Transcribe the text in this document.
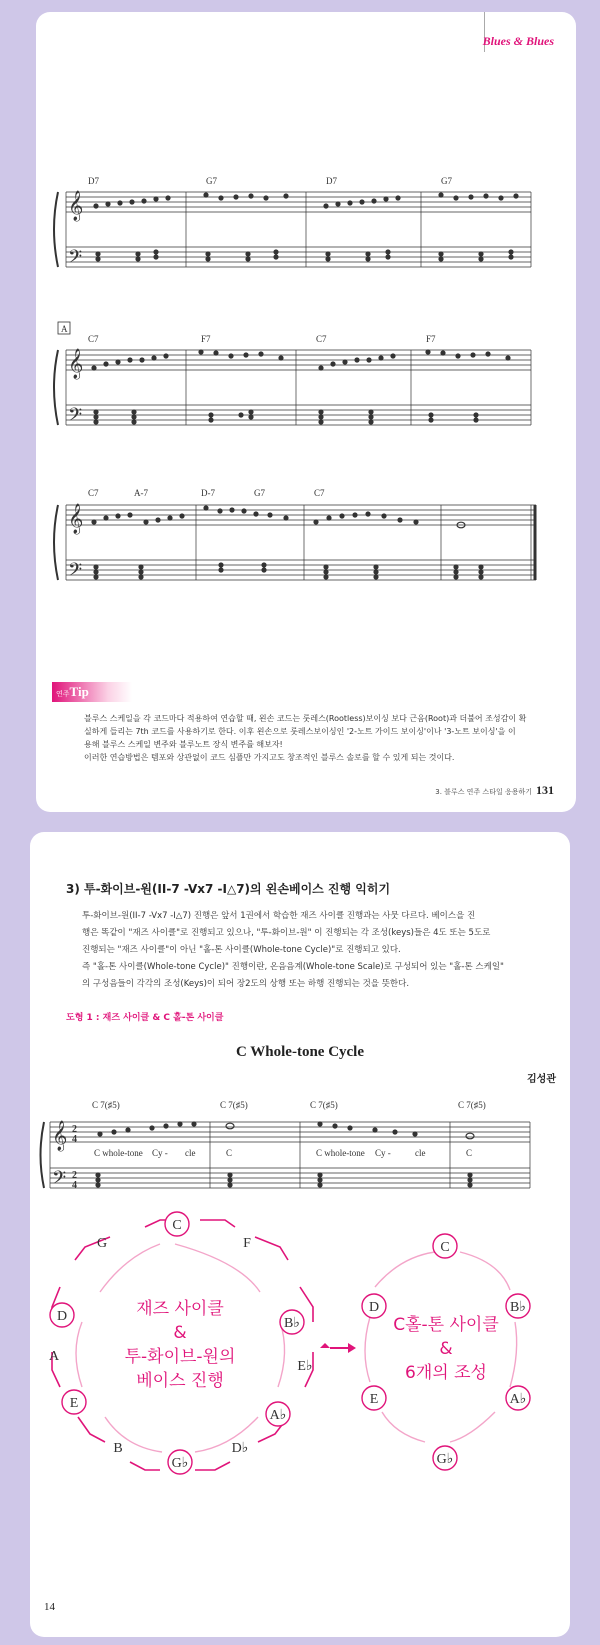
Blues & Blues
𝄞
𝄢
D7	G7	D7	G7
A
𝄞
𝄢
C7	F7	C7	F7
𝄞
𝄢
C7	A-7	D-7	G7	C7
연주Tip
블루스 스케일을 각 코드마다 적용하여 연습할 때, 왼손 코드는 룻레스(Rootless)보이싱 보다 근음(Root)과 더불어 조성감이 확
실하게 들리는 7th 코드를 사용하기로 한다. 이후 왼손으로 룻레스보이싱인 '2-노트 가이드 보이싱'이나 '3-노트 보이싱'을 이
용해 블루스 스케일 변주와 블루노트 장식 변주를 해보자!
이러한 연습방법은 템포와 상관없이 코드 심플만 가지고도 창조적인 블루스 솔로를 할 수 있게 되는 것이다.
3. 블루스 연주 스타일 응용하기 131
3) 투-화이브-원(II-7 -Vx7 -I△7)의 왼손베이스 진행 익히기
투-화이브-원(II-7 -Vx7 -I△7) 진행은 앞서 1권에서 학습한 재즈 사이클 진행과는 사뭇 다르다. 베이스을 진
행은 똑같이 "재즈 사이클"로 진행되고 있으나, "투-화이브-원" 이 진행되는 각 조성(keys)들은 4도 또는 5도로
진행되는 "재즈 사이클"이 아닌 "홀-톤 사이클(Whole-tone Cycle)"로 진행되고 있다.
즉 "홀-톤 사이클(Whole-tone Cycle)" 진행이란, 온음음계(Whole-tone Scale)로 구성되어 있는 "홀-톤 스케일"
의 구성음들이 각각의 조성(Keys)이 되어 장2도의 상행 또는 하행 진행되는 것을 뜻한다.
도형 1 : 재즈 사이클 & C 홀-톤 사이클
C Whole-tone Cycle
김성관
𝄞
𝄢
2
4
2
4
C 7(♯5)	C 7(♯5)	C 7(♯5)	C 7(♯5)
C whole-tone Cy - cle	C	C whole-tone Cy -	cle	C
C
F
B♭
E♭
A♭
D♭
G♭
B
E
A
D
G	C
B♭
A♭
G♭
E
D
재즈 사이클
&
투-화이브-원의
베이스 진행
C홀-톤 사이클
&
6개의 조성
14
